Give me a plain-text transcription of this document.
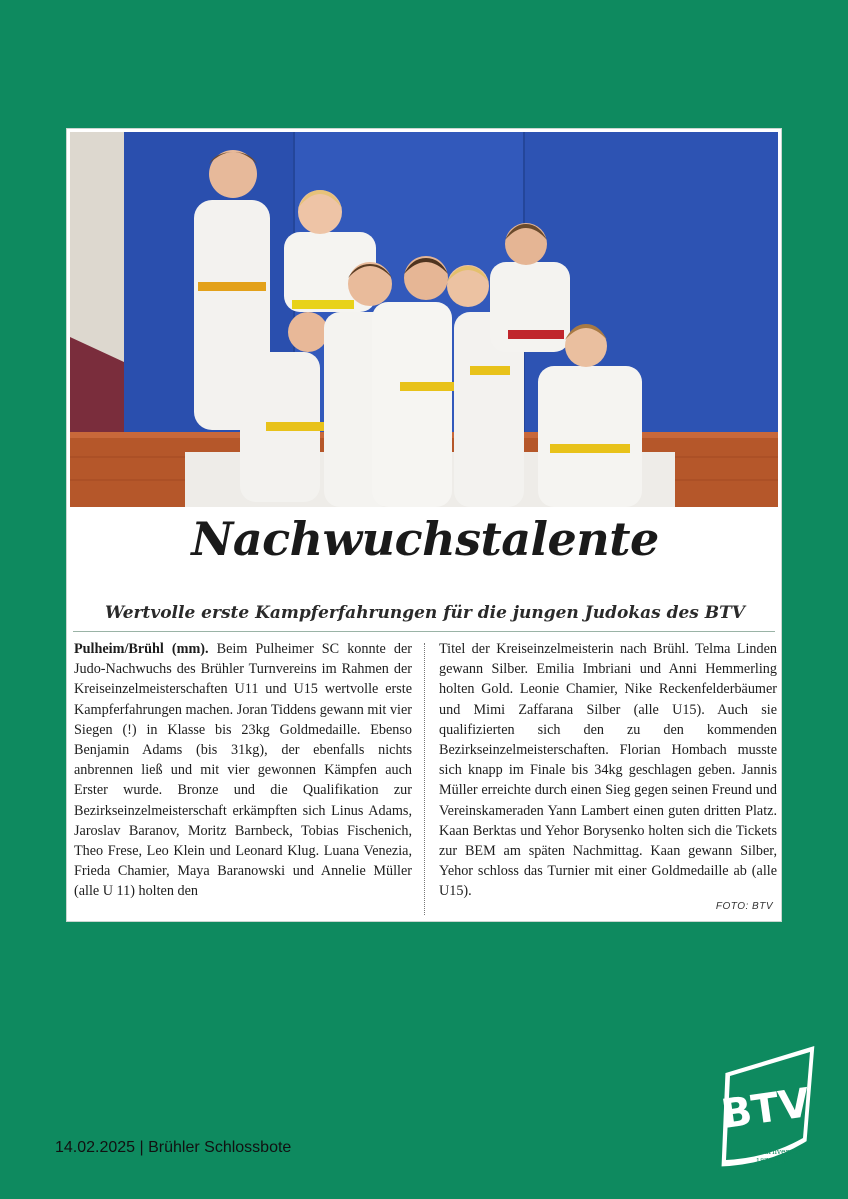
Nachwuchstalente
Wertvolle erste Kampferfahrungen für die jungen Judokas des BTV

Pulheim/Brühl (mm). Beim Pulheimer SC konnte der Judo-Nachwuchs des Brühler Turnvereins im Rahmen der Kreiseinzelmeisterschaften U11 und U15 wertvolle erste Kampferfahrungen machen. Joran Tiddens gewann mit vier Siegen (!) in Klasse bis 23kg Goldmedaille. Ebenso Benjamin Adams (bis 31kg), der ebenfalls nichts anbrennen ließ und mit vier gewonnen Kämpfen auch Erster wurde. Bronze und die Qualifikation zur Bezirkseinzelmeisterschaft erkämpften sich Linus Adams, Jaroslav Baranov, Moritz Barnbeck, Tobias Fischenich, Theo Frese, Leo Klein und Leonard Klug. Luana Venezia, Frieda Chamier, Maya Baranowski und Annelie Müller (alle U 11) holten den

Titel der Kreiseinzelmeisterin nach Brühl. Telma Linden gewann Silber. Emilia Imbriani und Anni Hemmerling holten Gold. Leonie Chamier, Nike Reckenfelderbäumer und Mimi Zaffarana Silber (alle U15). Auch sie qualifizierten sich den zu den kommenden Bezirkseinzelmeisterschaften. Florian Hombach musste sich knapp im Finale bis 34kg geschlagen geben. Jannis Müller erreichte durch einen Sieg gegen seinen Freund und Vereinskameraden Yann Lambert einen guten dritten Platz. Kaan Berktas und Yehor Borysenko holten sich die Tickets zur BEM am späten Nachmittag. Kaan gewann Silber, Yehor schloss das Turnier mit einer Goldmedaille ab (alle U15).

FOTO: BTV
14.02.2025 | Brühler Schlossbote
BTV
Brühler Turnverein
1879 e. V.
